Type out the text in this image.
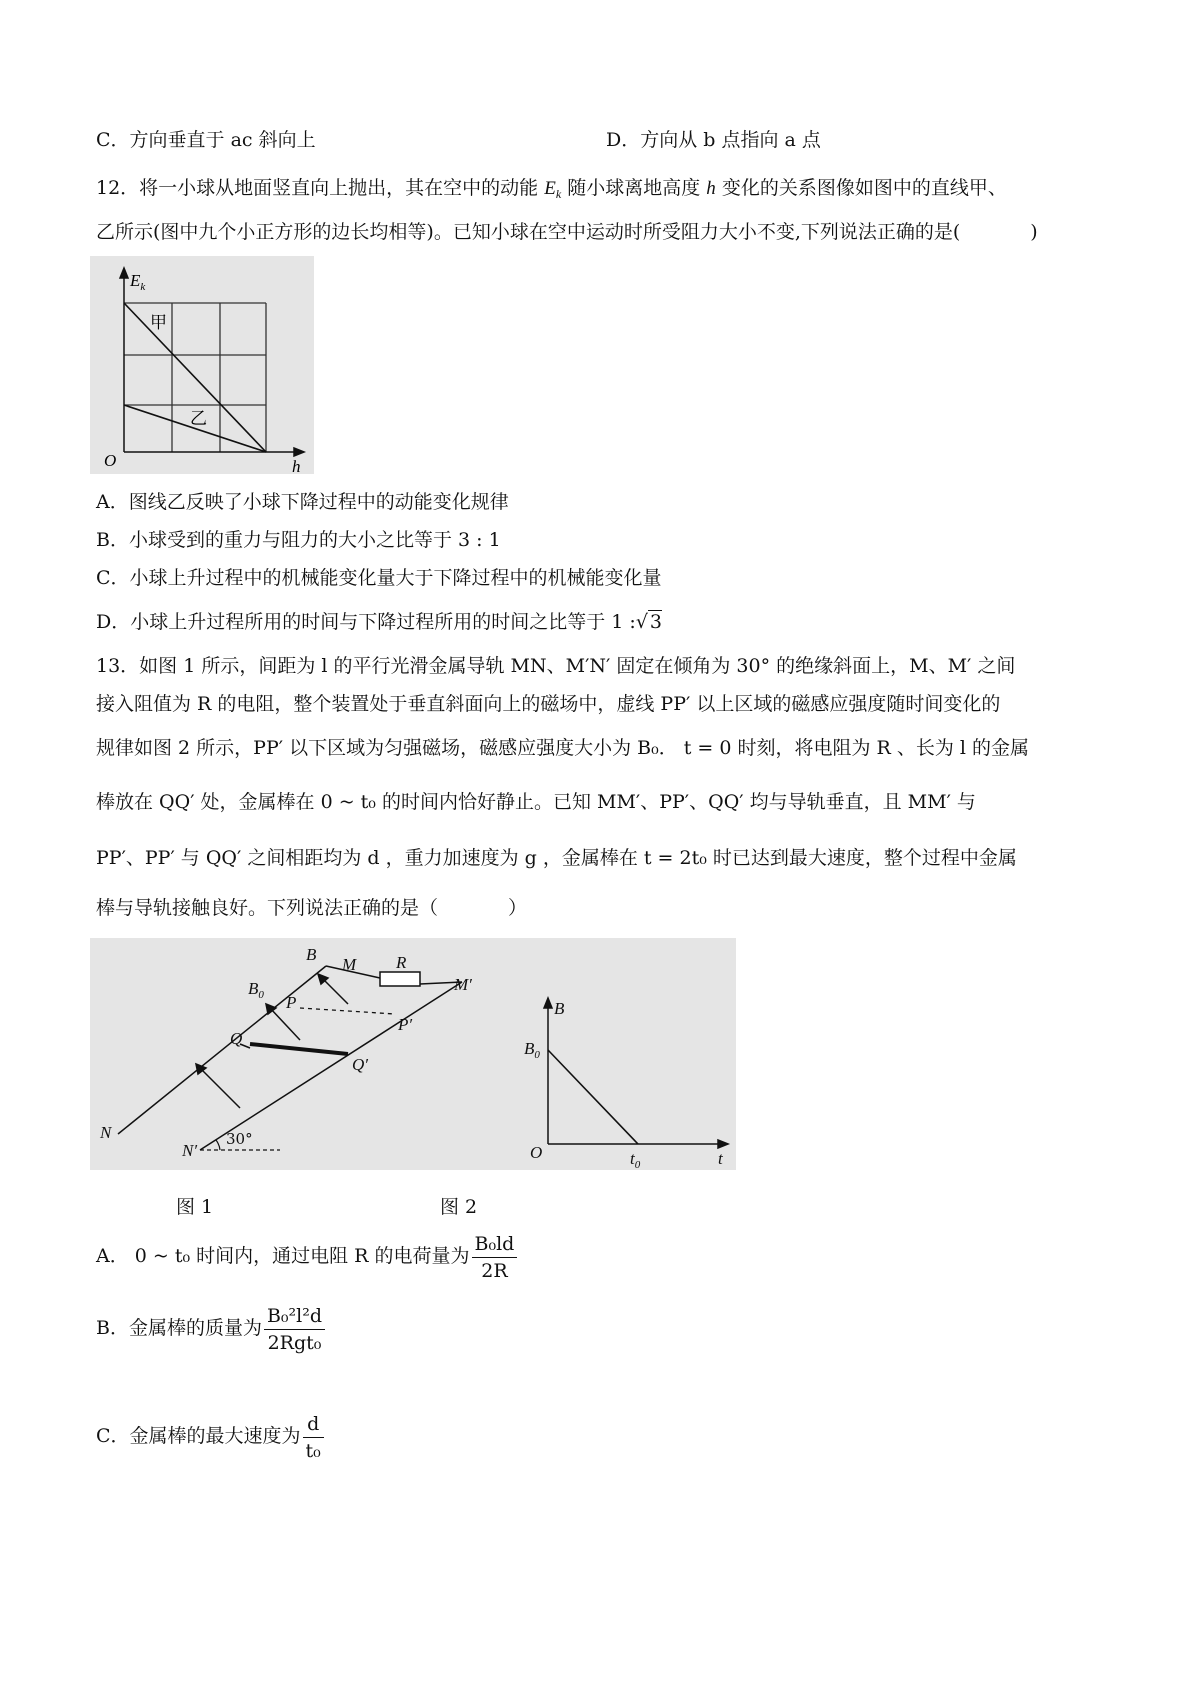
C．方向垂直于 ac 斜向上	D．方向从 b 点指向 a 点
12．将一小球从地面竖直向上抛出，其在空中的动能 $E_k$ 随小球离地高度 h 变化的关系图像如图中的直线甲、
乙所示(图中九个小正方形的边长均相等)。已知小球在空中运动时所受阻力大小不变,下列说法正确的是(	)
$E_k$
O	h
甲
乙
A．图线乙反映了小球下降过程中的动能变化规律
B．小球受到的重力与阻力的大小之比等于 3 : 1
C．小球上升过程中的机械能变化量大于下降过程中的机械能变化量
D．小球上升过程所用的时间与下降过程所用的时间之比等于 1 :√ 3
13．如图 1 所示，间距为 l 的平行光滑金属导轨 MN、M′N′ 固定在倾角为 30° 的绝缘斜面上，M、M′ 之间
接入阻值为 R 的电阻，整个装置处于垂直斜面向上的磁场中，虚线 PP′ 以上区域的磁感应强度随时间变化的
规律如图 2 所示，PP′ 以下区域为匀强磁场，磁感应强度大小为 B₀． t = 0 时刻，将电阻为 R 、长为 l 的金属
棒放在 QQ′ 处，金属棒在 0 ~ t₀ 的时间内恰好静止。已知 MM′、PP′、QQ′ 均与导轨垂直，且 MM′ 与
PP′、PP′ 与 QQ′ 之间相距均为 d ，重力加速度为 g ，金属棒在 t = 2t₀ 时已达到最大速度，整个过程中金属
棒与导轨接触良好。下列说法正确的是（	）
B
$B_0$
M R
M′
P
P′
Q
Q′
N
N′
30°
B
$B_0$
O	$t_0$	t
图 1	图 2
A． 0 ~ t₀ 时间内，通过电阻 R 的电荷量为 $\frac{\text{B₀ld}}{2R}$
B．金属棒的质量为 $\frac{\text{B₀²l²d}}{\text{2Rgt₀}}$
C．金属棒的最大速度为 $\frac{d}{\text{t₀}}$
